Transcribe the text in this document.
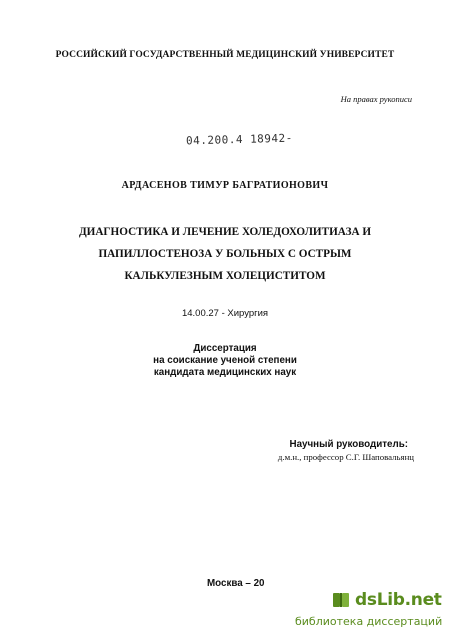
РОССИЙСКИЙ ГОСУДАРСТВЕННЫЙ МЕДИЦИНСКИЙ УНИВЕРСИТЕТ
На правах рукописи
04.200.4 18942-
АРДАСЕНОВ ТИМУР БАГРАТИОНОВИЧ
ДИАГНОСТИКА И ЛЕЧЕНИЕ ХОЛЕДОХОЛИТИАЗА И
ПАПИЛЛОСТЕНОЗА У БОЛЬНЫХ С ОСТРЫМ
КАЛЬКУЛЕЗНЫМ ХОЛЕЦИСТИТОМ
14.00.27 - Хирургия
Диссертация
на соискание ученой степени
кандидата медицинских наук
Научный руководитель:
д.м.н., профессор С.Г. Шаповальянц
Москва – 20
dsLib.net
библиотека диссертаций
